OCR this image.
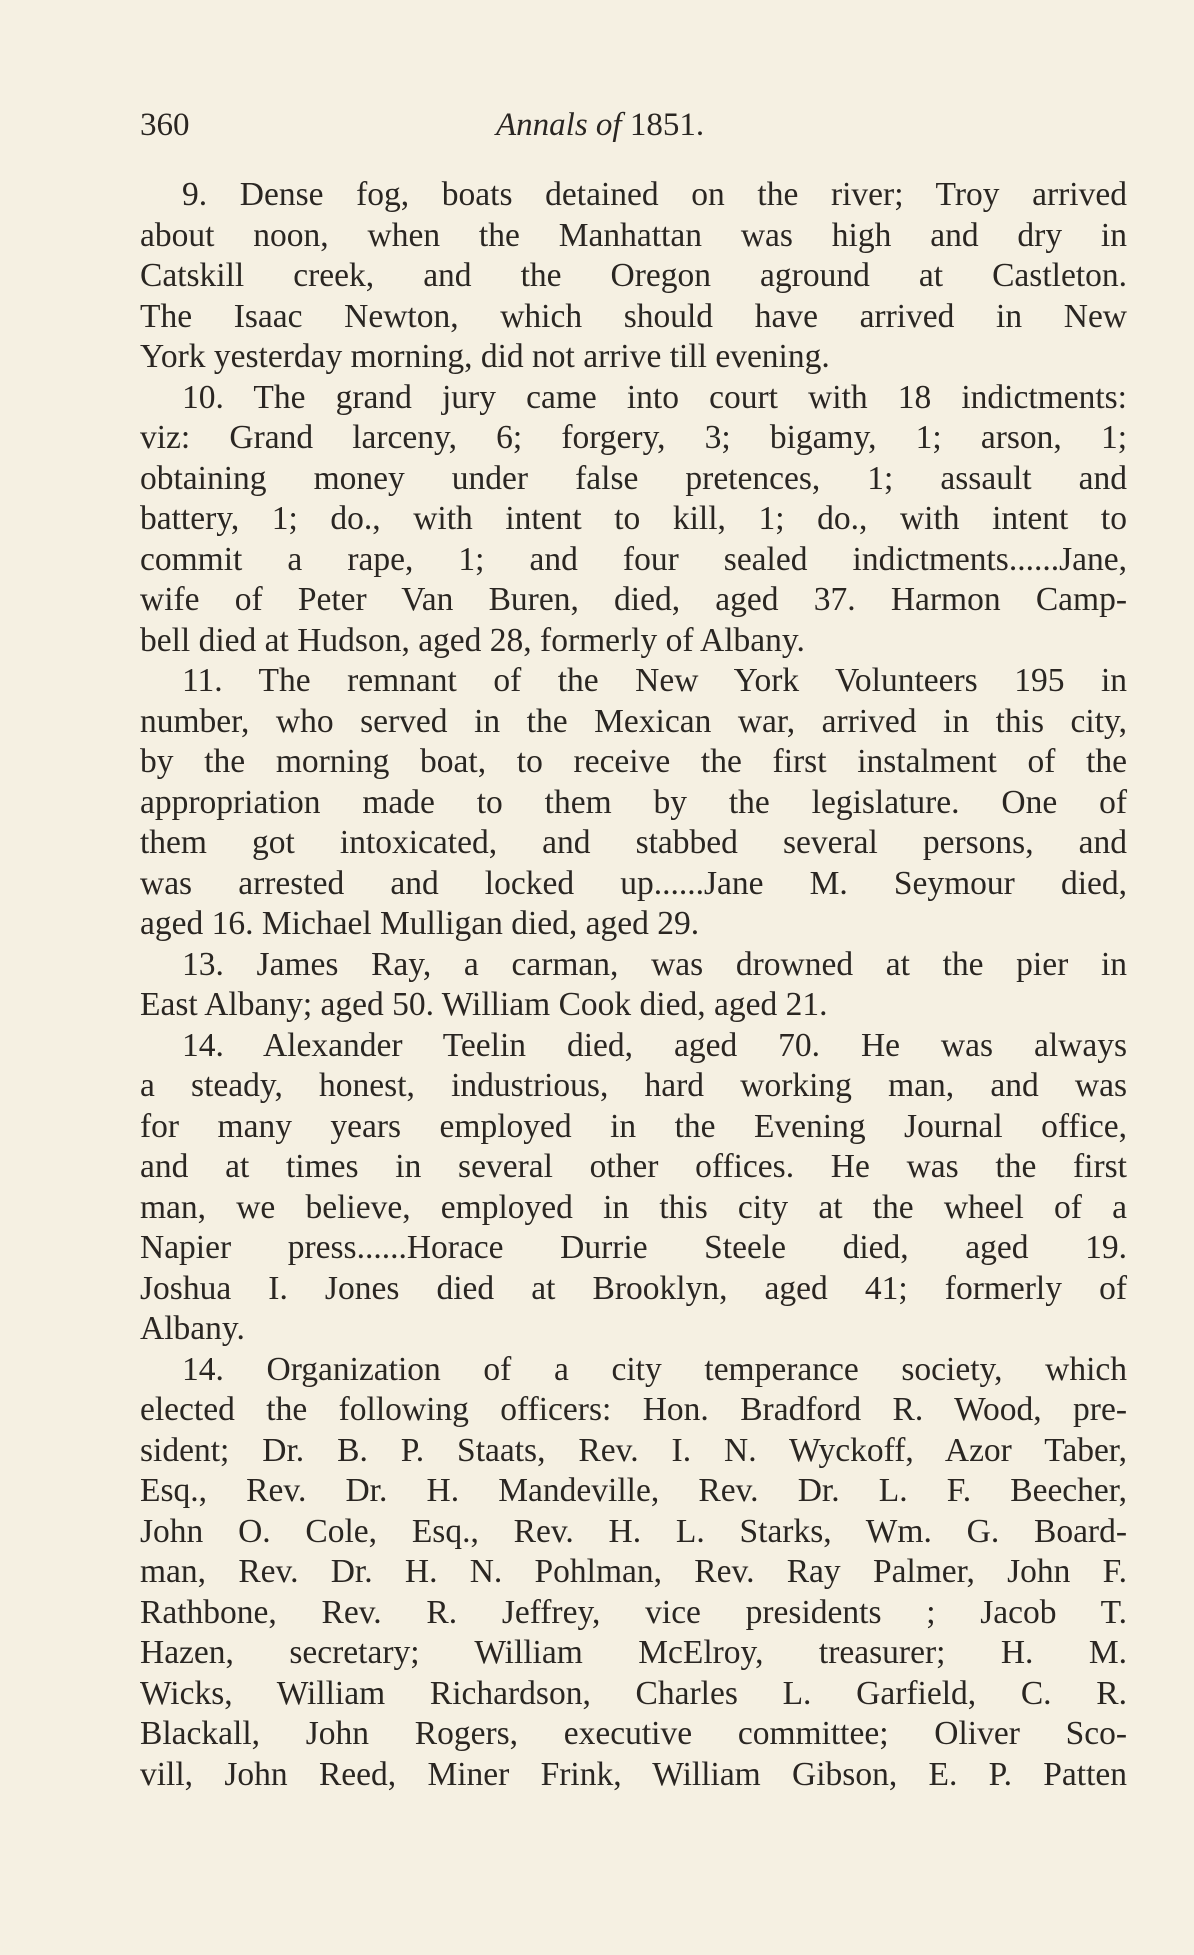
360	Annals of 1851.
9. Dense fog, boats detained on the river; Troy arrived
about noon, when the Manhattan was high and dry in
Catskill creek, and the Oregon aground at Castleton.
The Isaac Newton, which should have arrived in New
York yesterday morning, did not arrive till evening.
10. The grand jury came into court with 18 indictments:
viz: Grand larceny, 6; forgery, 3; bigamy, 1; arson, 1;
obtaining money under false pretences, 1; assault and
battery, 1; do., with intent to kill, 1; do., with intent to
commit a rape, 1; and four sealed indictments......Jane,
wife of Peter Van Buren, died, aged 37. Harmon Camp-
bell died at Hudson, aged 28, formerly of Albany.
11. The remnant of the New York Volunteers 195 in
number, who served in the Mexican war, arrived in this city,
by the morning boat, to receive the first instalment of the
appropriation made to them by the legislature. One of
them got intoxicated, and stabbed several persons, and
was arrested and locked up......Jane M. Seymour died,
aged 16. Michael Mulligan died, aged 29.
13. James Ray, a carman, was drowned at the pier in
East Albany; aged 50. William Cook died, aged 21.
14. Alexander Teelin died, aged 70. He was always
a steady, honest, industrious, hard working man, and was
for many years employed in the Evening Journal office,
and at times in several other offices. He was the first
man, we believe, employed in this city at the wheel of a
Napier press......Horace Durrie Steele died, aged 19.
Joshua I. Jones died at Brooklyn, aged 41; formerly of
Albany.
14. Organization of a city temperance society, which
elected the following officers: Hon. Bradford R. Wood, pre-
sident; Dr. B. P. Staats, Rev. I. N. Wyckoff, Azor Taber,
Esq., Rev. Dr. H. Mandeville, Rev. Dr. L. F. Beecher,
John O. Cole, Esq., Rev. H. L. Starks, Wm. G. Board-
man, Rev. Dr. H. N. Pohlman, Rev. Ray Palmer, John F.
Rathbone, Rev. R. Jeffrey, vice presidents ; Jacob T.
Hazen, secretary; William McElroy, treasurer; H. M.
Wicks, William Richardson, Charles L. Garfield, C. R.
Blackall, John Rogers, executive committee; Oliver Sco-
vill, John Reed, Miner Frink, William Gibson, E. P. Patten
